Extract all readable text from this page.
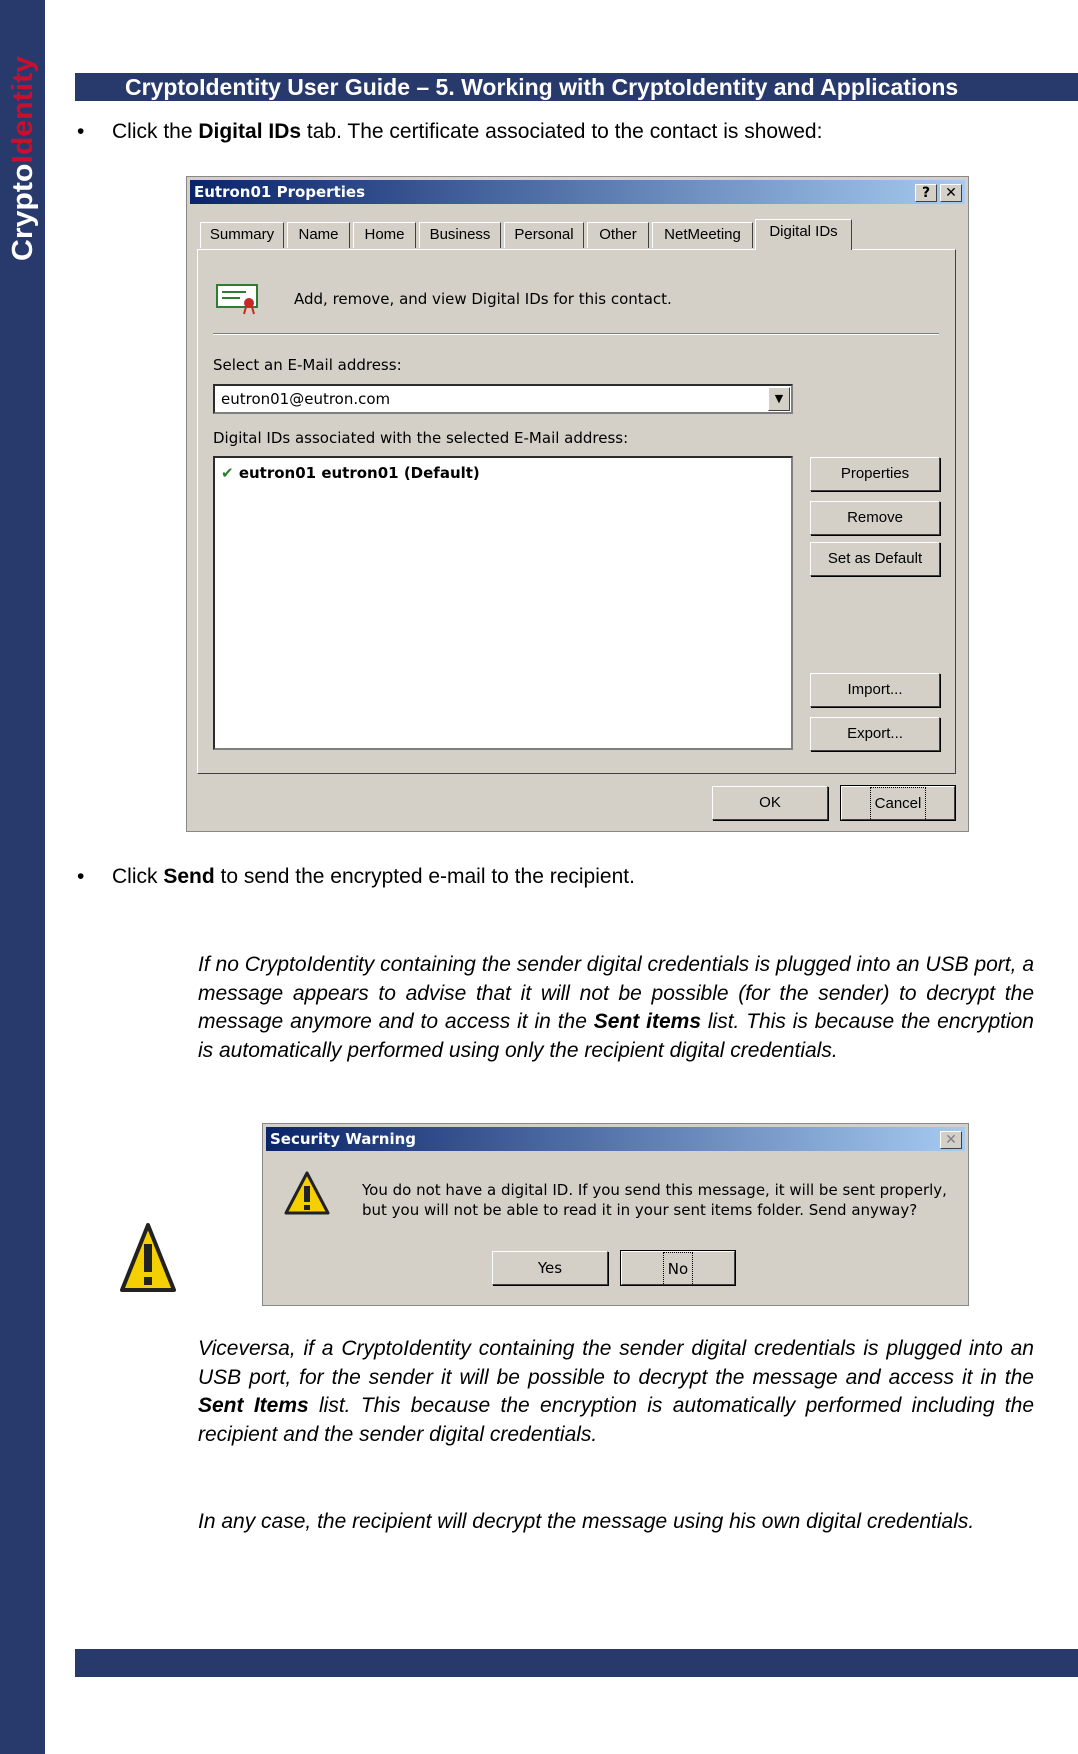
CryptoIdentity	CryptoIdentity User Guide – 5. Working with CryptoIdentity and Applications
• Click the Digital IDs tab. The certificate associated to the contact is showed:
Eutron01 Properties	?	✕
Summary	Name	Home	Business	Personal	Other	NetMeeting	Digital IDs
Add, remove, and view Digital IDs for this contact.
Select an E-Mail address:
eutron01@eutron.com	▼
Digital IDs associated with the selected E-Mail address:
✔ eutron01 eutron01 (Default)	Properties
Remove
Set as Default
Import...
Export...
OK	Cancel
• Click Send to send the encrypted e-mail to the recipient.
If no CryptoIdentity containing the sender digital credentials is plugged into an USB port, a message appears to advise that it will not be possible (for the sender) to decrypt the message anymore and to access it in the Sent items list. This is because the encryption is automatically performed using only the recipient digital credentials.
Security Warning	✕
You do not have a digital ID. If you send this message, it will be sent properly,
but you will not be able to read it in your sent items folder. Send anyway?
Yes	No
Viceversa, if a CryptoIdentity containing the sender digital credentials is plugged into an USB port, for the sender it will be possible to decrypt the message and access it in the Sent Items list. This because the encryption is automatically performed including the recipient and the sender digital credentials.
In any case, the recipient will decrypt the message using his own digital credentials.
